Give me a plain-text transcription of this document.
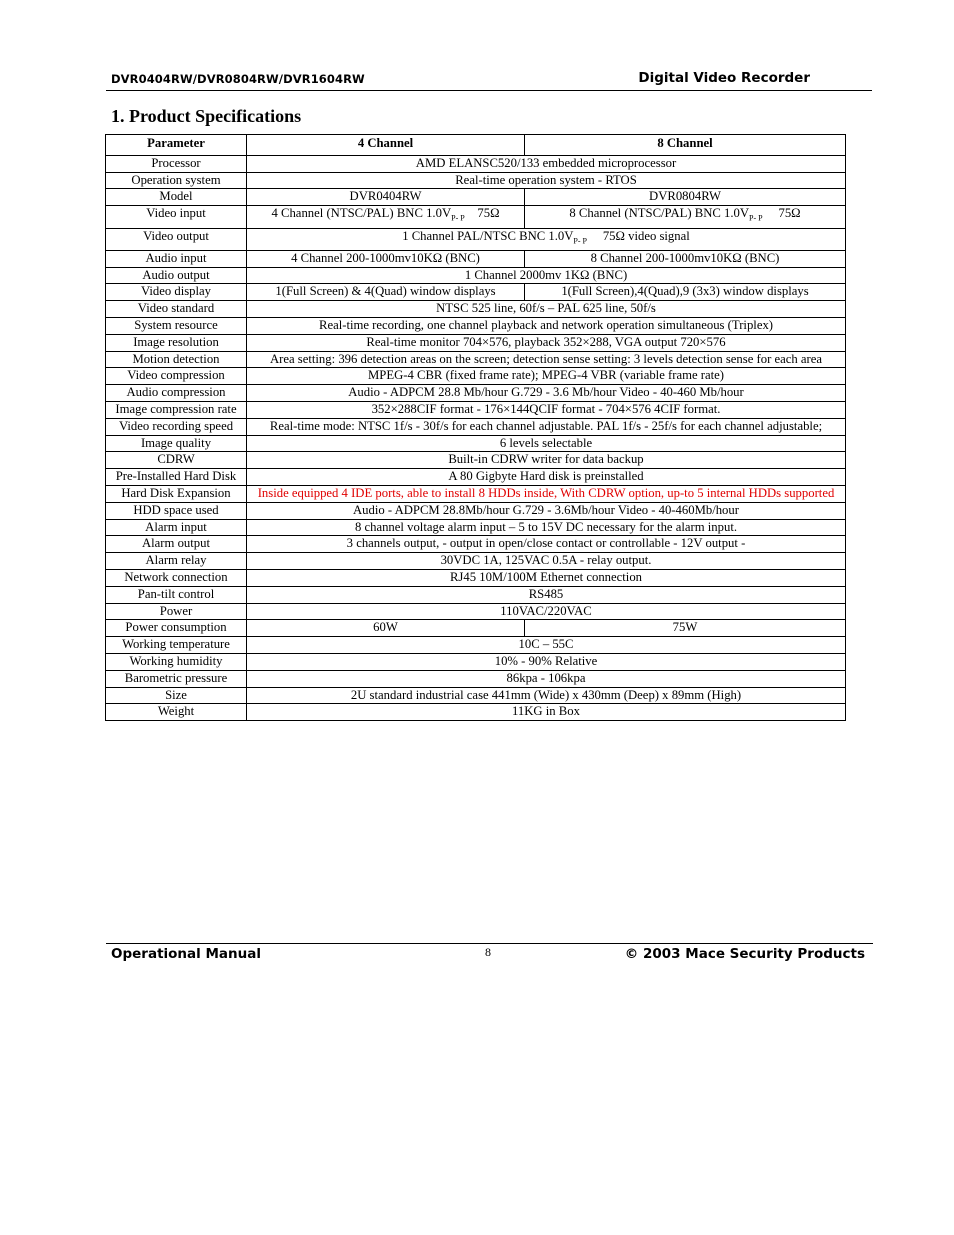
DVR0404RW/DVR0804RW/DVR1604RW	Digital Video Recorder
1. Product Specifications
Parameter	4 Channel	8 Channel
Processor	AMD ELANSC520/133 embedded microprocessor	
Operation system	Real-time operation system - RTOS	
Model	DVR0404RW	DVR0804RW
Video input	4 Channel (NTSC/PAL) BNC $1.0V_{P- P}$    75Ω	8 Channel (NTSC/PAL) BNC $1.0V_{P- P}$     75Ω
Video output	1 Channel PAL/NTSC BNC $1.0V_{P- P}$     75Ω video signal	
Audio input	4 Channel 200-1000mv10KΩ (BNC)	8 Channel 200-1000mv10KΩ (BNC)
Audio output	1 Channel 2000mv 1KΩ (BNC)	
Video display	1(Full Screen) & 4(Quad) window displays	1(Full Screen),4(Quad),9 (3x3) window displays
Video standard	NTSC 525 line, 60f/s – PAL 625 line, 50f/s	
System resource	Real-time recording, one channel playback and network operation simultaneous (Triplex)	
Image resolution	Real-time monitor 704×576, playback 352×288, VGA output 720×576	
Motion detection	Area setting: 396 detection areas on the screen; detection sense setting: 3 levels detection sense for each area	
Video compression	MPEG-4 CBR (fixed frame rate); MPEG-4 VBR (variable frame rate)	
Audio compression	Audio - ADPCM 28.8 Mb/hour G.729 - 3.6 Mb/hour Video - 40-460 Mb/hour	
Image compression rate	352×288CIF format - 176×144QCIF format - 704×576 4CIF format.	
Video recording speed	Real-time mode: NTSC 1f/s - 30f/s for each channel adjustable. PAL 1f/s - 25f/s for each channel adjustable;	
Image quality	6 levels selectable	
CDRW	Built-in CDRW writer for data backup	
Pre-Installed Hard Disk	A 80 Gigbyte Hard disk is preinstalled	
Hard Disk Expansion	Inside equipped 4 IDE ports, able to install 8 HDDs inside, With CDRW option, up-to 5 internal HDDs supported	
HDD space used	Audio - ADPCM 28.8Mb/hour G.729 - 3.6Mb/hour Video - 40-460Mb/hour	
Alarm input	8 channel voltage alarm input – 5 to 15V DC necessary for the alarm input.	
Alarm output	3 channels output, - output in open/close contact or controllable - 12V output -	
Alarm relay	30VDC 1A, 125VAC 0.5A - relay output.	
Network connection	RJ45 10M/100M Ethernet connection	
Pan-tilt control	RS485	
Power	110VAC/220VAC	
Power consumption	60W	75W
Working temperature	10C – 55C	
Working humidity	10% - 90% Relative	
Barometric pressure	86kpa - 106kpa	
Size	2U standard industrial case 441mm (Wide) x 430mm (Deep) x 89mm (High)	
Weight	11KG in Box	
Operational Manual	8	© 2003 Mace Security Products
